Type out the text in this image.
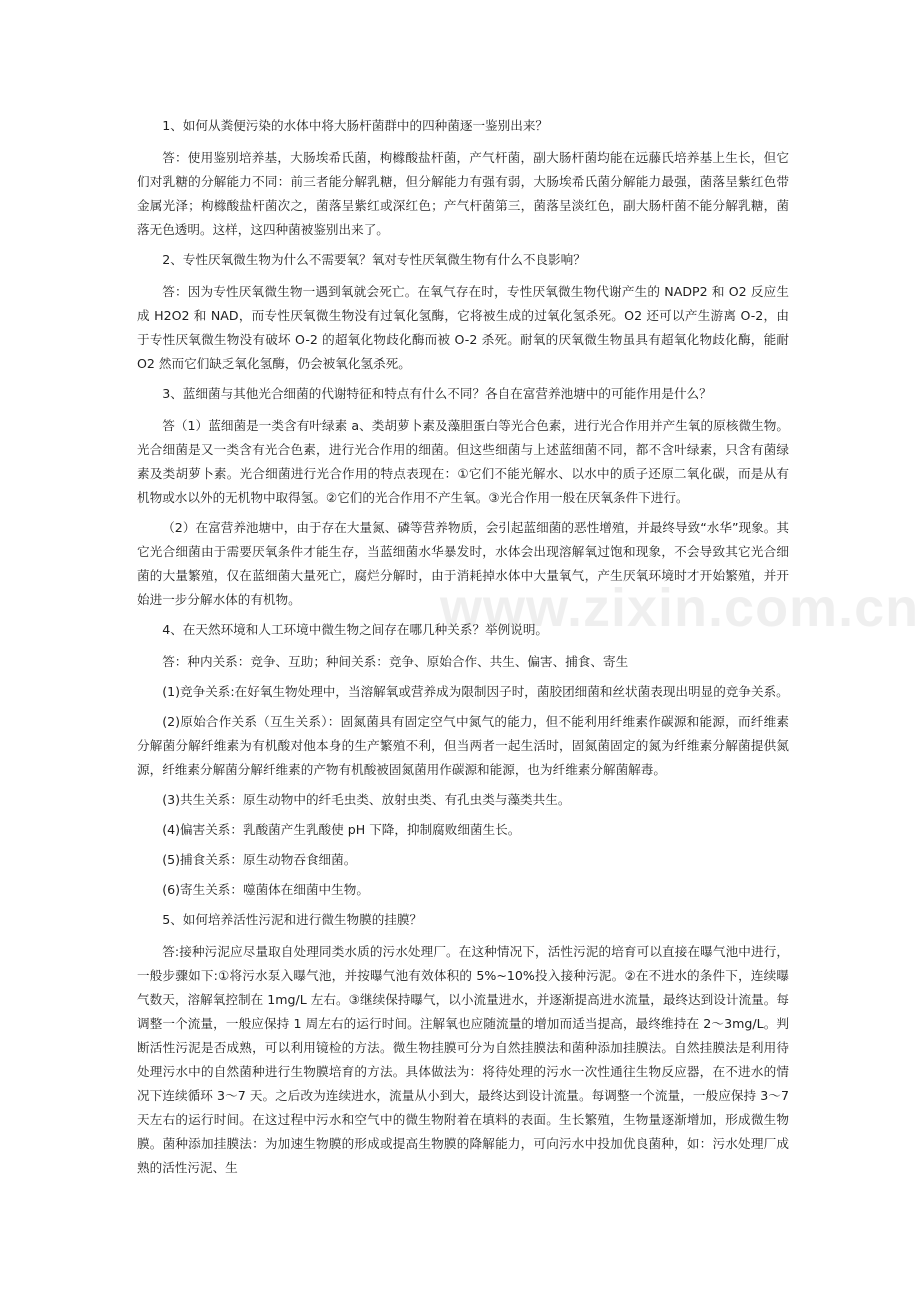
www.zixin.com.cn

1、如何从粪便污染的水体中将大肠杆菌群中的四种菌逐一鉴别出来？

答：使用鉴别培养基，大肠埃希氏菌，枸橼酸盐杆菌，产气杆菌，副大肠杆菌均能在远藤氏培养基上生长，但它们对乳糖的分解能力不同：前三者能分解乳糖，但分解能力有强有弱，大肠埃希氏菌分解能力最强，菌落呈紫红色带金属光泽；枸橼酸盐杆菌次之，菌落呈紫红或深红色；产气杆菌第三，菌落呈淡红色，副大肠杆菌不能分解乳糖，菌落无色透明。这样，这四种菌被鉴别出来了。

2、专性厌氧微生物为什么不需要氧？氧对专性厌氧微生物有什么不良影响？

答：因为专性厌氧微生物一遇到氧就会死亡。在氧气存在时，专性厌氧微生物代谢产生的 NADP2 和 O2 反应生成 H2O2 和 NAD，而专性厌氧微生物没有过氧化氢酶，它将被生成的过氧化氢杀死。O2 还可以产生游离 O-2，由于专性厌氧微生物没有破坏 O-2 的超氧化物歧化酶而被 O-2 杀死。耐氧的厌氧微生物虽具有超氧化物歧化酶，能耐 O2 然而它们缺乏氧化氢酶，仍会被氧化氢杀死。

3、蓝细菌与其他光合细菌的代谢特征和特点有什么不同？各自在富营养池塘中的可能作用是什么？

答（1）蓝细菌是一类含有叶绿素 a、类胡萝卜素及藻胆蛋白等光合色素，进行光合作用并产生氧的原核微生物。光合细菌是又一类含有光合色素，进行光合作用的细菌。但这些细菌与上述蓝细菌不同，都不含叶绿素，只含有菌绿素及类胡萝卜素。光合细菌进行光合作用的特点表现在：①它们不能光解水、以水中的质子还原二氧化碳，而是从有机物或水以外的无机物中取得氢。②它们的光合作用不产生氧。③光合作用一般在厌氧条件下进行。

（2）在富营养池塘中，由于存在大量氮、磷等营养物质，会引起蓝细菌的恶性增殖，并最终导致“水华”现象。其它光合细菌由于需要厌氧条件才能生存，当蓝细菌水华暴发时，水体会出现溶解氧过饱和现象，不会导致其它光合细菌的大量繁殖，仅在蓝细菌大量死亡，腐烂分解时，由于消耗掉水体中大量氧气，产生厌氧环境时才开始繁殖，并开始进一步分解水体的有机物。

4、在天然环境和人工环境中微生物之间存在哪几种关系？举例说明。

答：种内关系：竞争、互助；种间关系：竞争、原始合作、共生、偏害、捕食、寄生

(1)竞争关系:在好氧生物处理中，当溶解氧或营养成为限制因子时，菌胶团细菌和丝状菌表现出明显的竞争关系。

(2)原始合作关系（互生关系）：固氮菌具有固定空气中氮气的能力，但不能利用纤维素作碳源和能源，而纤维素分解菌分解纤维素为有机酸对他本身的生产繁殖不利，但当两者一起生活时，固氮菌固定的氮为纤维素分解菌提供氮源，纤维素分解菌分解纤维素的产物有机酸被固氮菌用作碳源和能源，也为纤维素分解菌解毒。

(3)共生关系：原生动物中的纤毛虫类、放射虫类、有孔虫类与藻类共生。

(4)偏害关系：乳酸菌产生乳酸使 pH 下降，抑制腐败细菌生长。

(5)捕食关系：原生动物吞食细菌。

(6)寄生关系：噬菌体在细菌中生物。

5、如何培养活性污泥和进行微生物膜的挂膜？

答:接种污泥应尽量取自处理同类水质的污水处理厂。在这种情况下，活性污泥的培育可以直接在曝气池中进行，一般步骤如下:①将污水泵入曝气池，并按曝气池有效体积的 5%~10%投入接种污泥。②在不进水的条件下，连续曝气数天，溶解氧控制在 1mg/L 左右。③继续保持曝气，以小流量进水，并逐渐提高进水流量，最终达到设计流量。每调整一个流量，一般应保持 1 周左右的运行时间。注解氧也应随流量的增加而适当提高，最终维持在 2～3mg/L。判断活性污泥是否成熟，可以利用镜检的方法。微生物挂膜可分为自然挂膜法和菌种添加挂膜法。自然挂膜法是利用待处理污水中的自然菌种进行生物膜培育的方法。具体做法为：将待处理的污水一次性通往生物反应器，在不进水的情况下连续循环 3～7 天。之后改为连续进水，流量从小到大，最终达到设计流量。每调整一个流量，一般应保持 3～7 天左右的运行时间。在这过程中污水和空气中的微生物附着在填料的表面。生长繁殖，生物量逐渐增加，形成微生物膜。菌种添加挂膜法：为加速生物膜的形成或提高生物膜的降解能力，可向污水中投加优良菌种，如：污水处理厂成熟的活性污泥、生
